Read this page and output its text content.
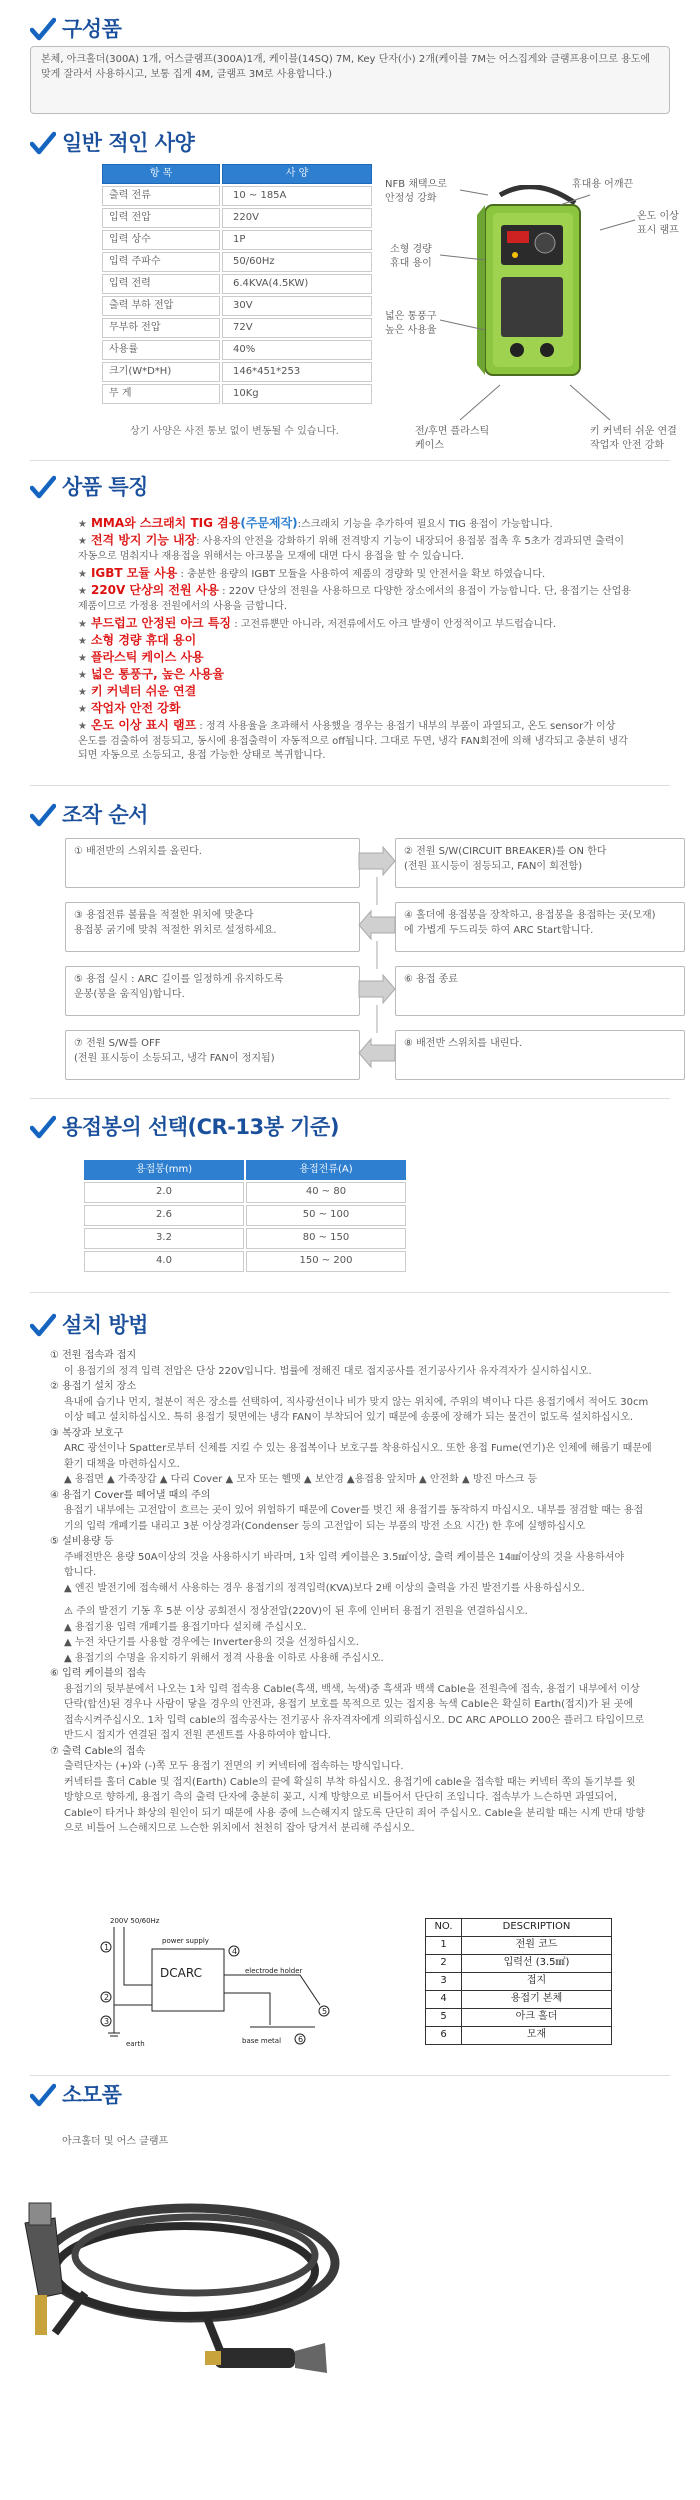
구성품
본체, 아크홀더(300A) 1개, 어스클램프(300A)1개, 케이블(14SQ) 7M, Key 단자(小) 2개(케이블 7M는 어스집게와 클램프용이므로 용도에 맞게 잘라서 사용하시고, 보통 집게 4M, 클램프 3M로 사용합니다.)
일반 적인 사양
항 목	사 양
출력 전류	10 ~ 185A
입력 전압	220V
입력 상수	1P
입력 주파수	50/60Hz
입력 전력	6.4KVA(4.5KW)
출력 부하 전압	30V
무부하 전압	72V
사용률	40%
크기(W*D*H)	146*451*253
무 게	10Kg
상기 사양은 사전 통보 없이 변동될 수 있습니다.
NFB 채택으로
안정성 강화
휴대용 어깨끈
온도 이상
표시 램프
소형 경량
휴대 용이
넓은 통풍구
높은 사용율
전/후면 플라스틱
케이스
키 커넥터 쉬운 연결
작업자 안전 강화
상품 특징
★ MMA와 스크래치 TIG 겸용(주문제작):스크래치 기능을 추가하여 필요시 TIG 용접이 가능합니다.
★ 전격 방지 기능 내장: 사용자의 안전을 강화하기 위해 전격방지 기능이 내장되어 용접봉 접촉 후 5초가 경과되면 출력이
자동으로 멈춰지나 재용접을 위해서는 아크봉을 모재에 대면 다시 용접을 할 수 있습니다.
★ IGBT 모듈 사용 : 충분한 용량의 IGBT 모듈을 사용하여 제품의 경량화 및 안전서을 확보 하였습니다.
★ 220V 단상의 전원 사용 : 220V 단상의 전원을 사용하므로 다양한 장소에서의 용접이 가능합니다. 단, 용접기는 산업용
제품이므로 가정용 전원에서의 사용을 금합니다.
★ 부드럽고 안정된 아크 특징 : 고전류뿐만 아니라, 저전류에서도 아크 발생이 안정적이고 부드럽습니다.
★ 소형 경량 휴대 용이
★ 플라스틱 케이스 사용
★ 넓은 통풍구, 높은 사용율
★ 키 커넥터 쉬운 연결
★ 작업자 안전 강화
★ 온도 이상 표시 램프 : 정격 사용율을 초과해서 사용했을 경우는 용접기 내부의 부품이 과열되고, 온도 sensor가 이상
온도를 검출하여 점등되고, 동시에 용접출력이 자동적으로 off됩니다. 그대로 두면, 냉각 FAN회전에 의해 냉각되고 충분히 냉각
되면 자동으로 소등되고, 용접 가능한 상태로 복귀합니다.
조작 순서
① 배전반의 스위치를 올린다.	② 전원 S/W(CIRCUIT BREAKER)를 ON 한다
(전원 표시등이 점등되고, FAN이 회전함)
③ 용접전류 볼륨을 적절한 위치에 맞춘다
용접봉 굵기에 맞춰 적절한 위치로 설정하세요.
④ 홀더에 용접봉을 장착하고, 용접봉을 용접하는 곳(모재)
에 가볍게 두드리듯 하여 ARC Start합니다.
⑤ 용접 실시 : ARC 길이를 일정하게 유지하도록
운봉(봉을 움직임)합니다.
⑥ 용접 종료
⑦ 전원 S/W를 OFF
(전원 표시등이 소등되고, 냉각 FAN이 정지됨)
⑧ 배전반 스위치를 내린다.
용접봉의 선택(CR-13봉 기준)
용접봉(mm)	용접전류(A)
2.0	40 ~ 80
2.6	50 ~ 100
3.2	80 ~ 150
4.0	150 ~ 200
설치 방법
① 전원 접속과 접지
이 용접기의 정격 입력 전압은 단상 220V입니다. 법률에 정해진 대로 접지공사를 전기공사기사 유자격자가 실시하십시오.
② 용접기 설치 장소
욕내에 습기나 먼지, 철분이 적은 장소를 선택하여, 직사광선이나 비가 맞지 않는 위치에, 주위의 벽이나 다른 용접기에서 적어도 30cm
이상 떼고 설치하십시오. 특히 용접기 뒷면에는 냉각 FAN이 부착되어 있기 때문에 송풍에 장해가 되는 물건이 없도록 설치하십시오.
③ 복장과 보호구
ARC 광선이나 Spatter로부터 신체를 지킬 수 있는 용접복이나 보호구를 착용하십시오. 또한 용접 Fume(연기)은 인체에 해롭기 때문에
환기 대책을 마련하십시오.
▲ 용접면 ▲ 가죽장갑 ▲ 다리 Cover ▲ 모자 또는 헬멧 ▲ 보안경 ▲용접용 앞치마 ▲ 안전화 ▲ 방진 마스크 등
④ 용접기 Cover를 떼어낼 때의 주의
용접기 내부에는 고전압이 흐르는 곳이 있어 위험하기 때문에 Cover를 벗긴 채 용접기를 동작하지 마십시오. 내부를 점검할 때는 용접
기의 입력 개폐기를 내리고 3분 이상경과(Condenser 등의 고전압이 되는 부품의 방전 소요 시간) 한 후에 실행하십시오
⑤ 설비용량 등
주배전반은 용량 50A이상의 것을 사용하시기 바라며, 1차 입력 케이블은 3.5㎟이상, 출력 케이블은 14㎟이상의 것을 사용하셔야
합니다.
▲ 엔진 발전기에 접속해서 사용하는 경우 용접기의 정격입력(KVA)보다 2배 이상의 출력을 가진 발전기를 사용하십시오.
⚠ 주의 발전기 기동 후 5분 이상 공회전시 정상전압(220V)이 된 후에 인버터 용접기 전원을 연결하십시오.
▲ 용접기용 입력 개폐기를 용접기마다 설치해 주십시오.
▲ 누전 차단기를 사용할 경우에는 Inverter용의 것을 선정하십시오.
▲ 용접기의 수명을 유지하기 위해서 정격 사용율 이하로 사용해 주십시오.
⑥ 입력 케이블의 접속
용접기의 뒷부분에서 나오는 1차 입력 접속용 Cable(흑색, 백색, 녹색)중 흑색과 백색 Cable을 전원측에 접속, 용접기 내부에서 이상
단락(합선)된 경우나 사람이 닿을 경우의 안전과, 용접기 보호를 목적으로 있는 접지용 녹색 Cable은 확실히 Earth(접지)가 된 곳에
접속시켜주십시오. 1차 입력 cable의 접속공사는 전기공사 유자격자에게 의뢰하십시오. DC ARC APOLLO 200은 플러그 타입이므로
반드시 접지가 연결된 접지 전원 콘센트를 사용하여야 합니다.
⑦ 출력 Cable의 접속
출력단자는 (+)와 (-)쪽 모두 용접기 전면의 키 커넥터에 접속하는 방식입니다.
커넥터를 홀더 Cable 및 접지(Earth) Cable의 끝에 확실히 부착 하십시오. 용접기에 cable을 접속할 때는 커넥터 쪽의 돌기부를 윗
방향으로 향하게, 용접기 측의 출력 단자에 충분히 꽂고, 시계 방향으로 비틀어서 단단히 조입니다. 접속부가 느슨하면 과열되어,
Cable이 타거나 화상의 원인이 되기 때문에 사용 중에 느슨해지지 않도록 단단히 죄어 주십시오. Cable을 분리할 때는 시계 반대 방향
으로 비틀어 느슨해지므로 느슨한 위치에서 천천히 잡아 당겨서 분리해 주십시오.
200V 50/60Hz
power supply
electrode holder
earth	base metal
DCARC
1
2
3
4
5
6
NO.	DESCRIPTION
1	전원 코드
2	입력선 (3.5㎟)
3	접지
4	용접기 본체
5	아크 홀더
6	모재
소모품
아크홀더 및 어스 클램프
